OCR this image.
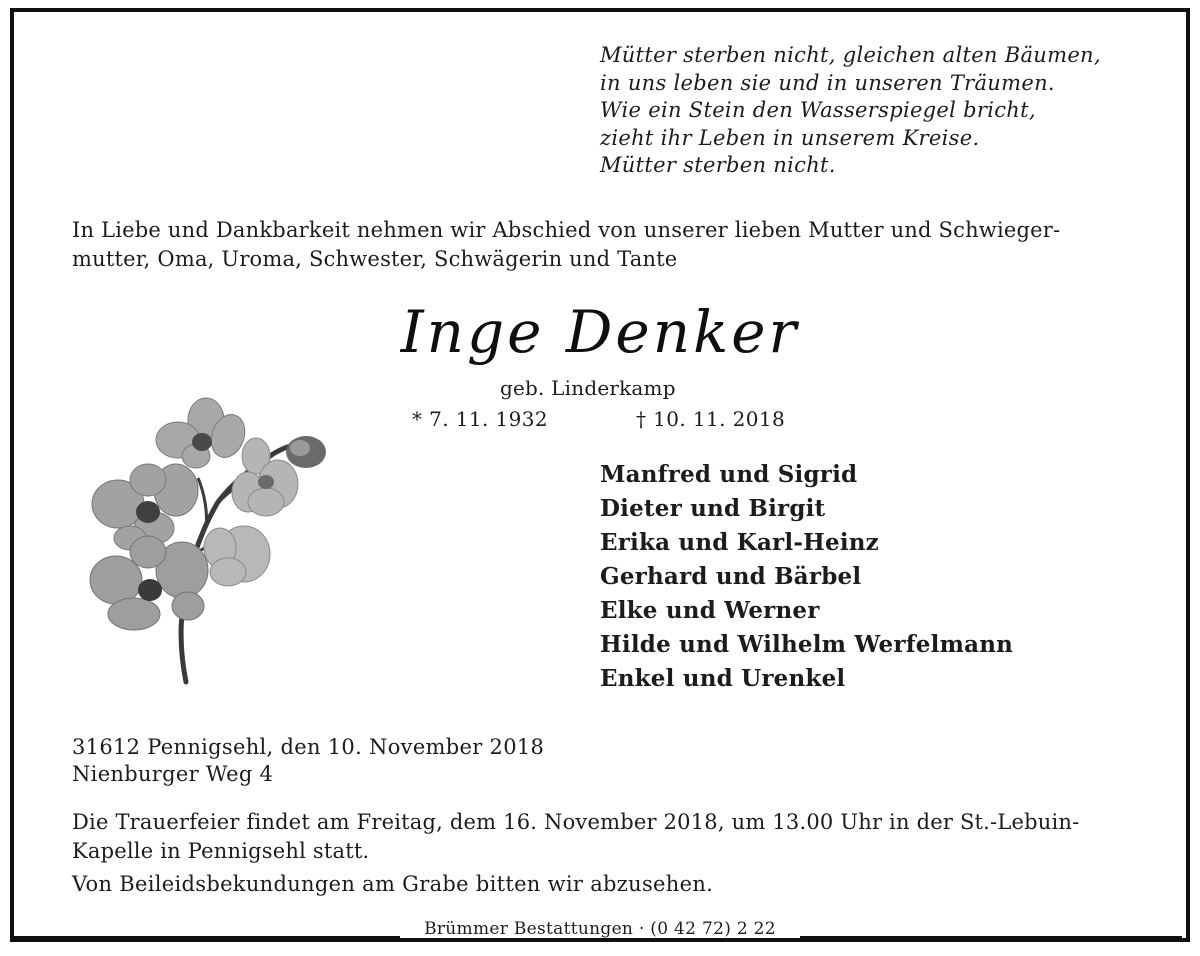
Mütter sterben nicht, gleichen alten Bäumen,
in uns leben sie und in unseren Träumen.
Wie ein Stein den Wasserspiegel bricht,
zieht ihr Leben in unserem Kreise.
Mütter sterben nicht.
In Liebe und Dankbarkeit nehmen wir Abschied von unserer lieben Mutter und Schwieger-
mutter, Oma, Uroma, Schwester, Schwägerin und Tante
Inge Denker
geb. Linderkamp
* 7. 11. 1932	† 10. 11. 2018
Manfred und Sigrid
Dieter und Birgit
Erika und Karl-Heinz
Gerhard und Bärbel
Elke und Werner
Hilde und Wilhelm Werfelmann
Enkel und Urenkel
31612 Pennigsehl, den 10. November 2018
Nienburger Weg 4
Die Trauerfeier findet am Freitag, dem 16. November 2018, um 13.00 Uhr in der St.-Lebuin-
Kapelle in Pennigsehl statt.
Von Beileidsbekundungen am Grabe bitten wir abzusehen.
Brümmer Bestattungen · (0 42 72) 2 22
